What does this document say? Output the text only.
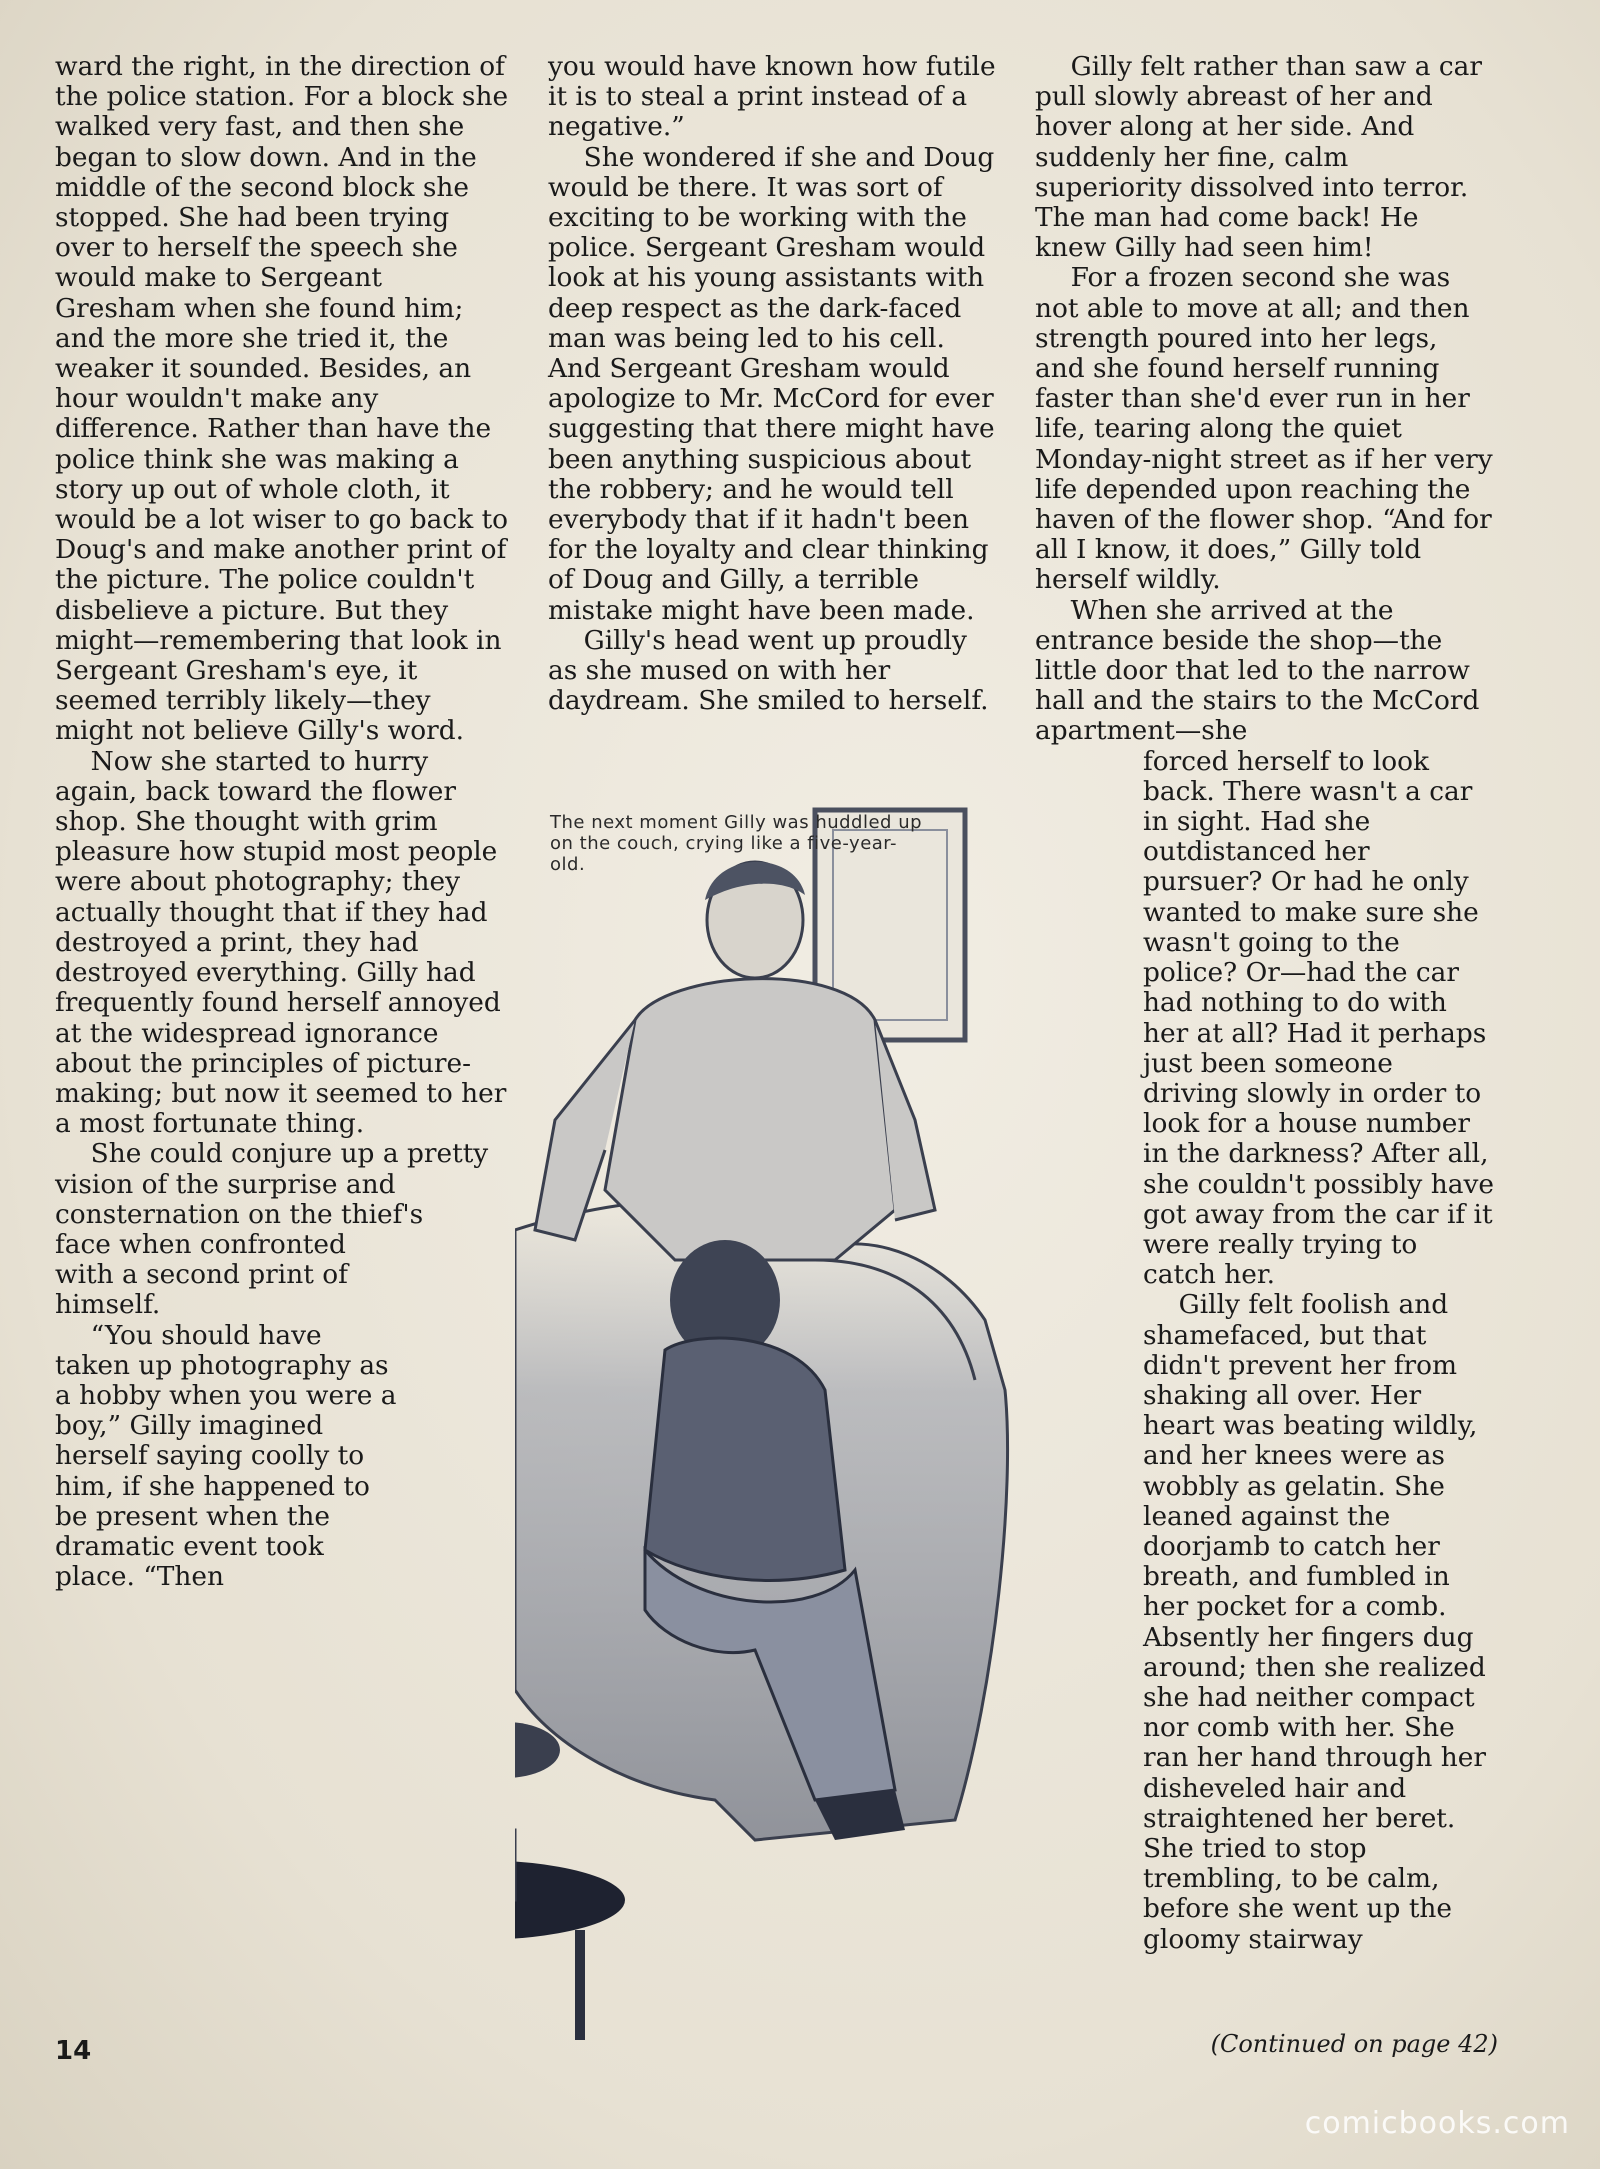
ward the right, in the direction of the police station. For a block she walked very fast, and then she began to slow down. And in the middle of the second block she stopped. She had been trying over to herself the speech she would make to Sergeant Gresham when she found him; and the more she tried it, the weaker it sounded. Besides, an hour wouldn't make any difference. Rather than have the police think she was making a story up out of whole cloth, it would be a lot wiser to go back to Doug's and make another print of the picture. The police couldn't disbelieve a picture. But they might—remembering that look in Sergeant Gresham's eye, it seemed terribly likely—they might not believe Gilly's word.

Now she started to hurry again, back toward the flower shop. She thought with grim pleasure how stupid most people were about photography; they actually thought that if they had destroyed a print, they had destroyed everything. Gilly had frequently found herself annoyed at the widespread ignorance about the principles of picture-making; but now it seemed to her a most fortunate thing.

She could conjure up a pretty vision of the surprise and consternation on the thief's

face when confronted with a second print of himself.

“You should have taken up photography as a hobby when you were a boy,” Gilly imagined herself saying coolly to him, if she happened to be present when the dramatic event took place. “Then

you would have known how futile it is to steal a print instead of a negative.”

She wondered if she and Doug would be there. It was sort of exciting to be working with the police. Sergeant Gresham would look at his young assistants with deep respect as the dark-faced man was being led to his cell. And Sergeant Gresham would apologize to Mr. McCord for ever suggesting that there might have been anything suspicious about the robbery; and he would tell everybody that if it hadn't been for the loyalty and clear thinking of Doug and Gilly, a terrible mistake might have been made.

Gilly's head went up proudly as she mused on with her daydream. She smiled to herself.

Gilly felt rather than saw a car pull slowly abreast of her and hover along at her side. And suddenly her fine, calm superiority dissolved into terror. The man had come back! He knew Gilly had seen him!

For a frozen second she was not able to move at all; and then strength poured into her legs, and she found herself running faster than she'd ever run in her life, tearing along the quiet Monday-night street as if her very life depended upon reaching the haven of the flower shop. “And for all I know, it does,” Gilly told herself wildly.

When she arrived at the entrance beside the shop—the little door that led to the narrow hall and the stairs to the McCord apartment—she

forced herself to look back. There wasn't a car in sight. Had she outdistanced her pursuer? Or had he only wanted to make sure she wasn't going to the police? Or—had the car had nothing to do with her at all? Had it perhaps just been someone driving slowly in order to look for a house number in the darkness? After all, she couldn't possibly have got away from the car if it were really trying to catch her.

Gilly felt foolish and shamefaced, but that didn't prevent her from shaking all over. Her heart was beating wildly, and her knees were as wobbly as gelatin. She leaned against the doorjamb to catch her breath, and fumbled in her pocket for a comb. Absently her fingers dug around; then she realized she had neither compact nor comb with her. She ran her hand through her disheveled hair and straightened her beret. She tried to stop trembling, to be calm, before she went up the gloomy stairway

The next moment Gilly was huddled up on the couch, crying like a five-year-old.
(Continued on page 42)
14
comicbooks.com
